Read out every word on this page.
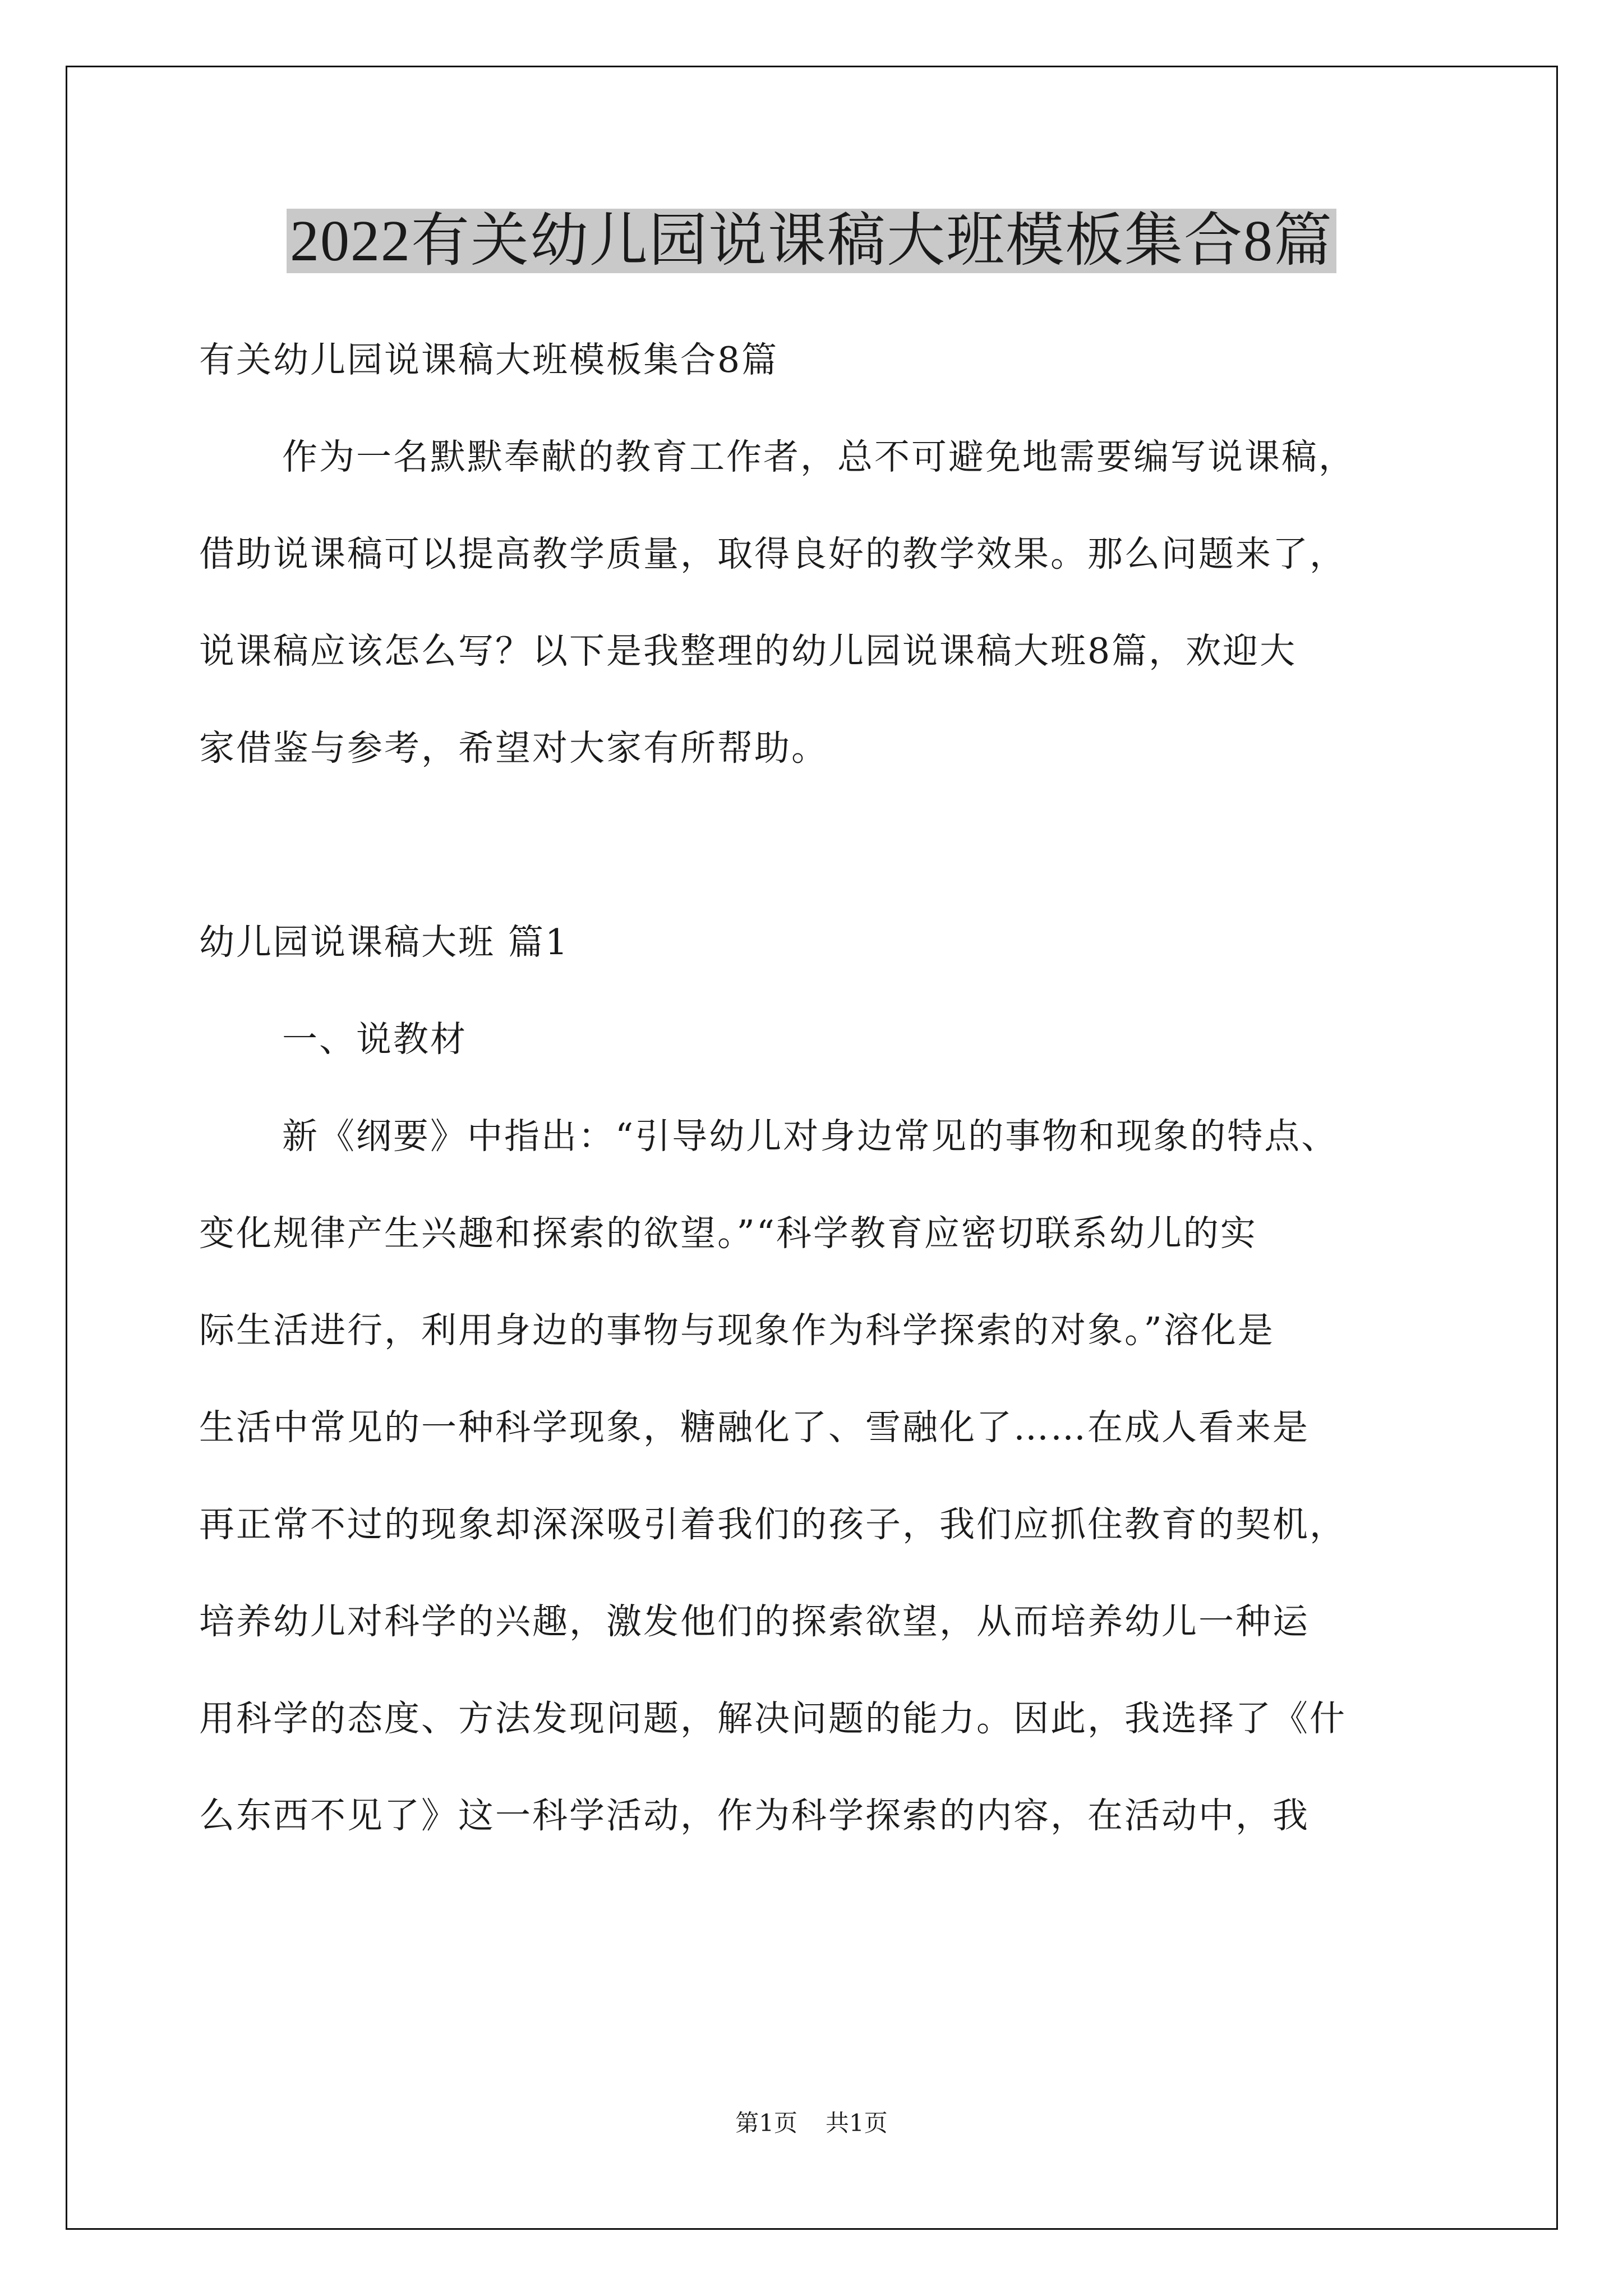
2022有关幼儿园说课稿大班模板集合8篇
有关幼儿园说课稿大班模板集合8篇
作为一名默默奉献的教育工作者，总不可避免地需要编写说课稿，
借助说课稿可以提高教学质量，取得良好的教学效果。那么问题来了，
说课稿应该怎么写？以下是我整理的幼儿园说课稿大班8篇，欢迎大
家借鉴与参考，希望对大家有所帮助。
幼儿园说课稿大班 篇1
一、说教材
新《纲要》中指出：“引导幼儿对身边常见的事物和现象的特点、
变化规律产生兴趣和探索的欲望。”“科学教育应密切联系幼儿的实
际生活进行，利用身边的事物与现象作为科学探索的对象。”溶化是
生活中常见的一种科学现象，糖融化了、雪融化了……在成人看来是
再正常不过的现象却深深吸引着我们的孩子，我们应抓住教育的契机，
培养幼儿对科学的兴趣，激发他们的探索欲望，从而培养幼儿一种运
用科学的态度、方法发现问题，解决问题的能力。因此，我选择了《什
么东西不见了》这一科学活动，作为科学探索的内容，在活动中，我
第1页 共1页
